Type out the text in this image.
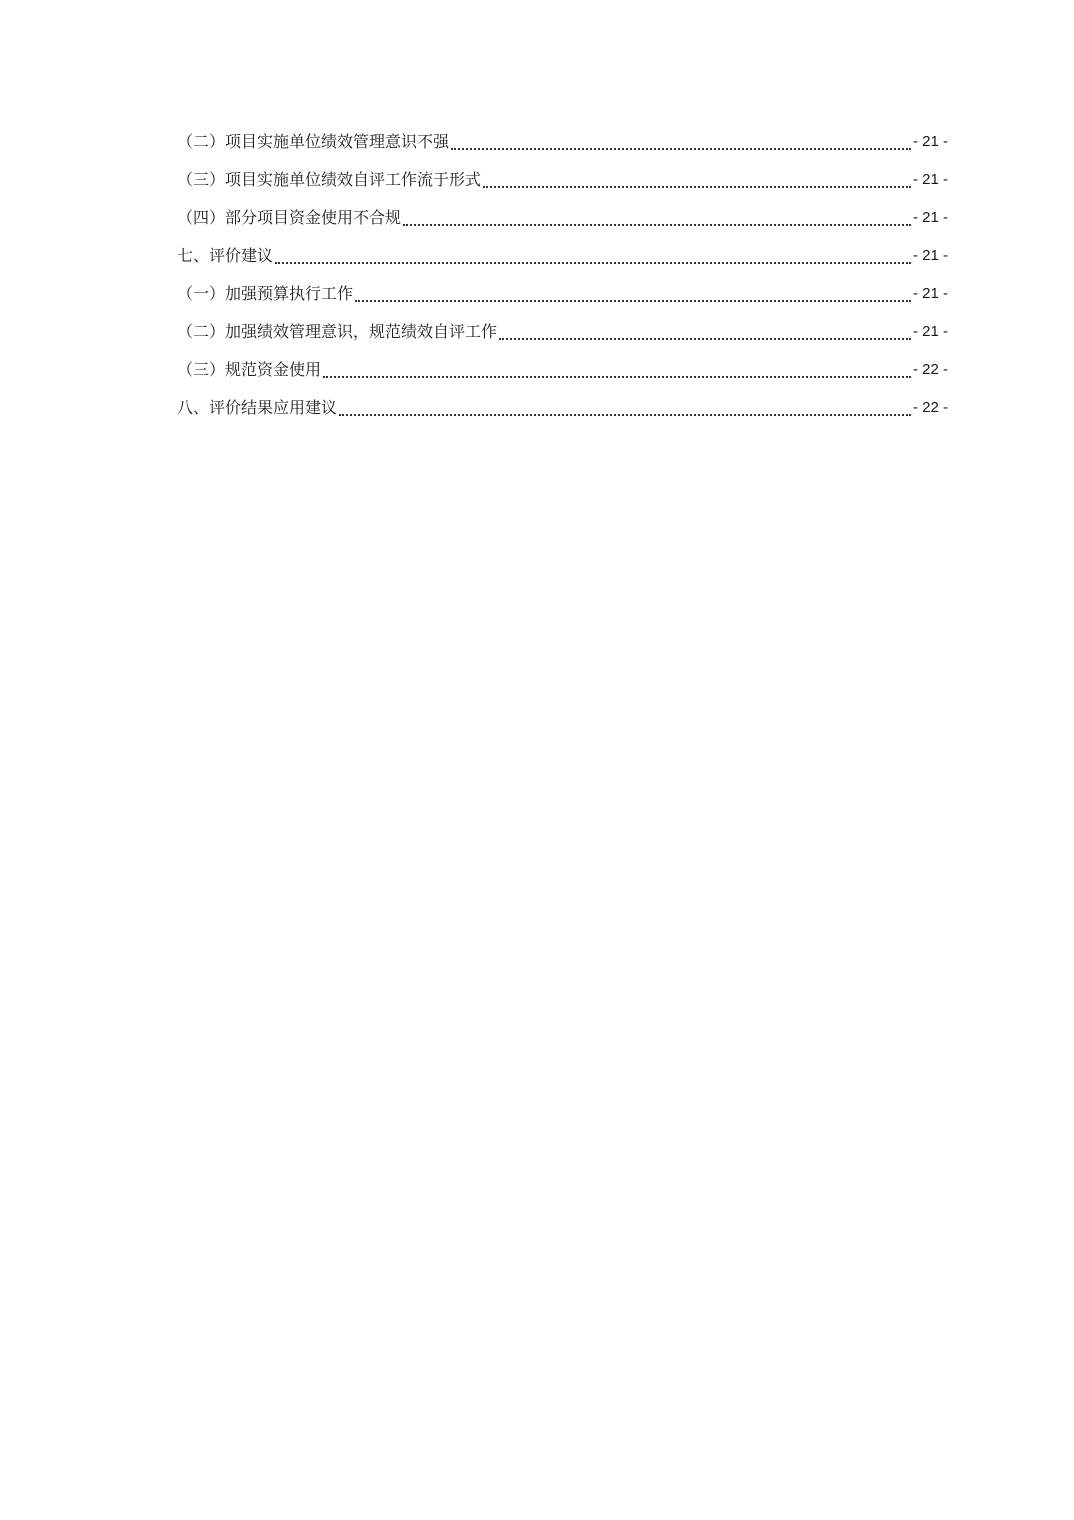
（二）项目实施单位绩效管理意识不强	- 21 -
（三）项目实施单位绩效自评工作流于形式	- 21 -
（四）部分项目资金使用不合规	- 21 -
七、评价建议	- 21 -
（一）加强预算执行工作	- 21 -
（二）加强绩效管理意识，规范绩效自评工作	- 21 -
（三）规范资金使用	- 22 -
八、评价结果应用建议	- 22 -
